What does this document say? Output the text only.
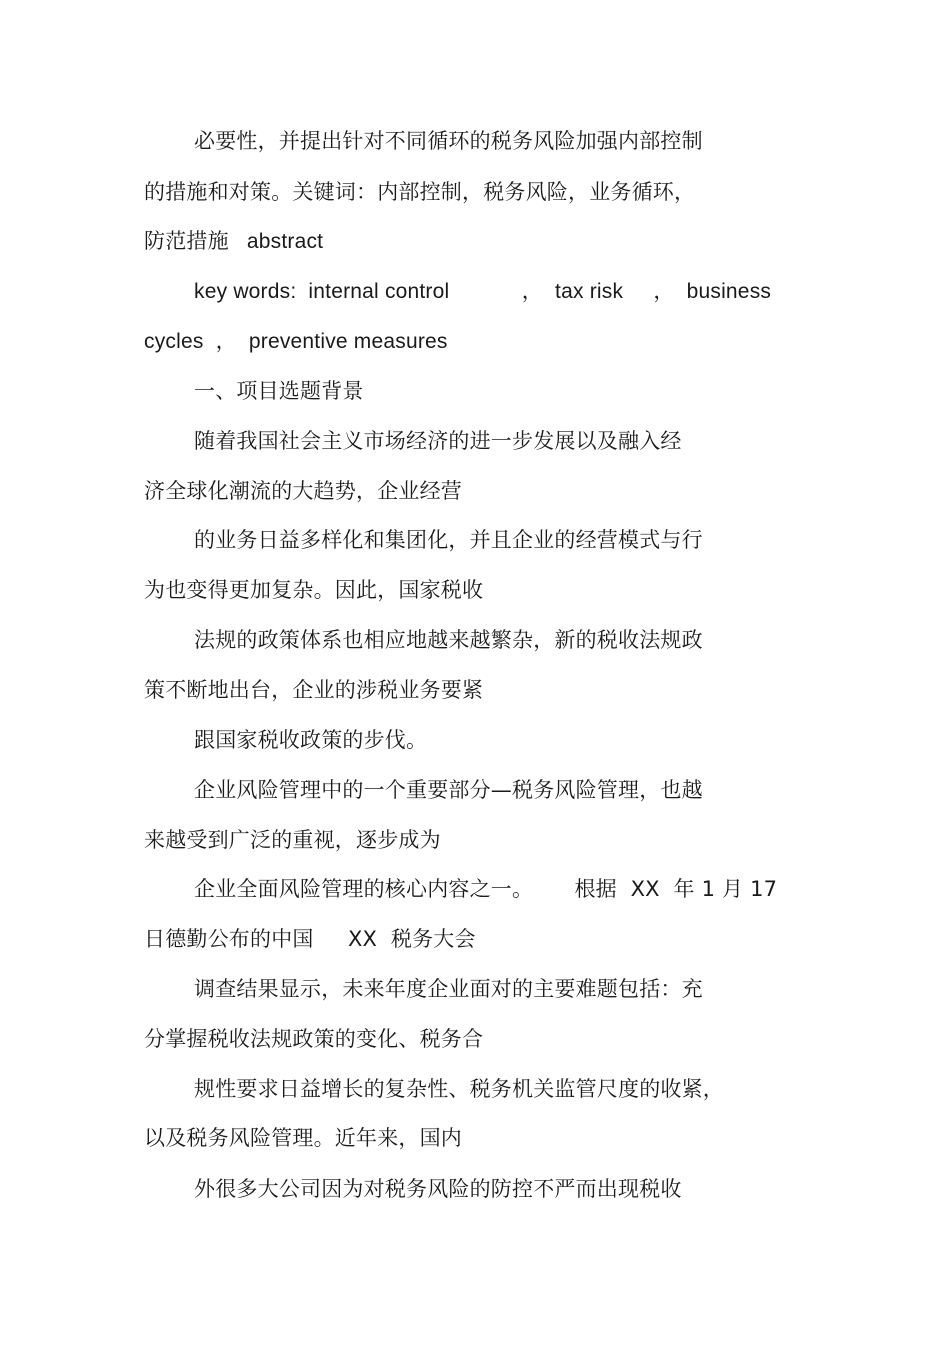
必要性，并提出针对不同循环的税务风险加强内部控制
的措施和对策。关键词：内部控制，税务风险，业务循环，
防范措施   abstract
key words:  internal control            ，  tax risk     ，  business
cycles  ，  preventive measures
一、项目选题背景
随着我国社会主义市场经济的进一步发展以及融入经
济全球化潮流的大趋势，企业经营
的业务日益多样化和集团化，并且企业的经营模式与行
为也变得更加复杂。因此，国家税收
法规的政策体系也相应地越来越繁杂，新的税收法规政
策不断地出台，企业的涉税业务要紧
跟国家税收政策的步伐。
企业风险管理中的一个重要部分—税务风险管理，也越
来越受到广泛的重视，逐步成为
企业全面风险管理的核心内容之一。      根据  XX  年 1 月 17
日德勤公布的中国     XX  税务大会
调查结果显示，未来年度企业面对的主要难题包括：充
分掌握税收法规政策的变化、税务合
规性要求日益增长的复杂性、税务机关监管尺度的收紧，
以及税务风险管理。近年来，国内
外很多大公司因为对税务风险的防控不严而出现税收
